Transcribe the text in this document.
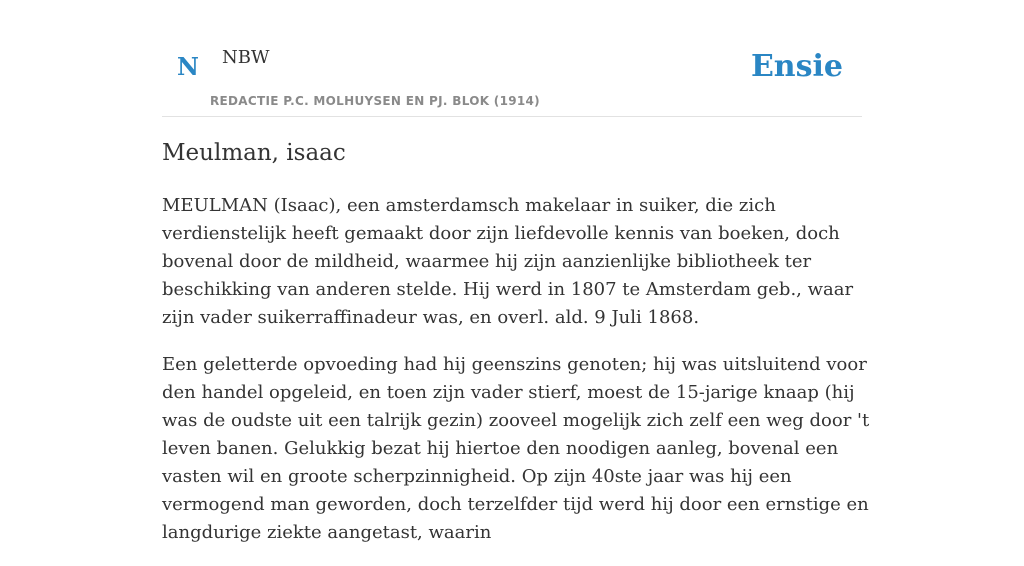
N NBW
REDACTIE P.C. MOLHUYSEN EN PJ. BLOK (1914)
Ensie
Meulman, isaac

MEULMAN (Isaac), een amsterdamsch makelaar in suiker, die zich verdienstelijk heeft gemaakt door zijn liefdevolle kennis van boeken, doch bovenal door de mildheid, waarmee hij zijn aanzienlijke bibliotheek ter beschikking van anderen stelde. Hij werd in 1807 te Amsterdam geb., waar zijn vader suikerraffinadeur was, en overl. ald. 9 Juli 1868.

Een geletterde opvoeding had hij geenszins genoten; hij was uitsluitend voor den handel opgeleid, en toen zijn vader stierf, moest de 15-jarige knaap (hij was de oudste uit een talrijk gezin) zooveel mogelijk zich zelf een weg door 't leven banen. Gelukkig bezat hij hiertoe den noodigen aanleg, bovenal een vasten wil en groote scherpzinnigheid. Op zijn 40ste jaar was hij een vermogend man geworden, doch terzelfder tijd werd hij door een ernstige en langdurige ziekte aangetast, waarin
